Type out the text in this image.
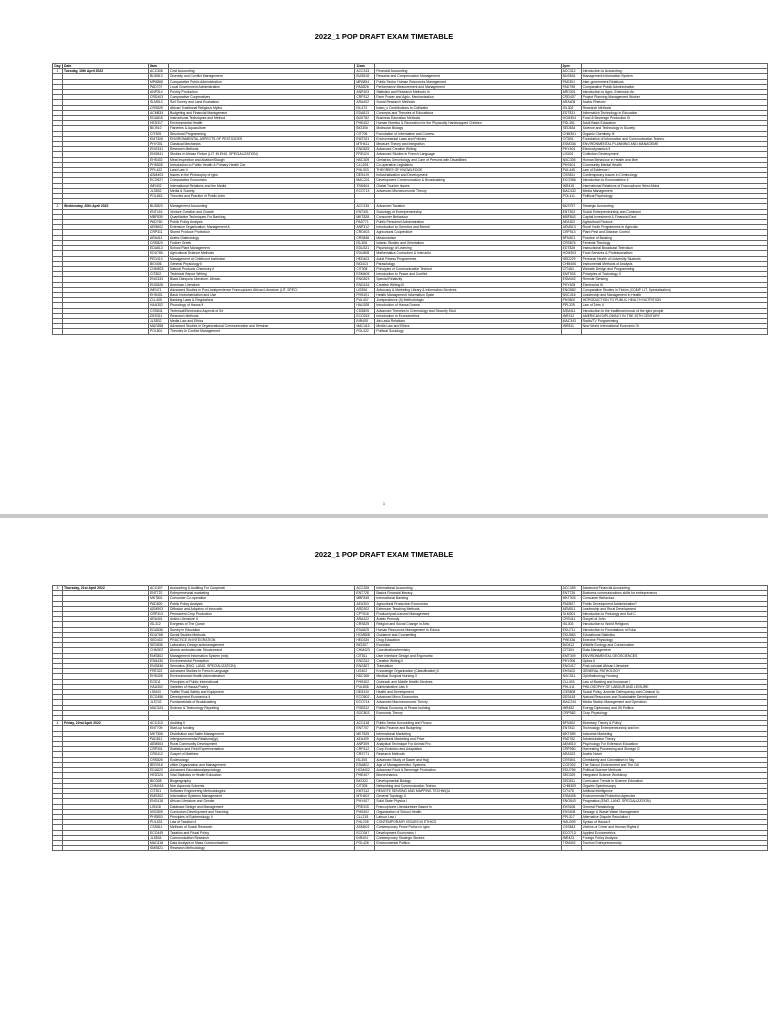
2022_1 POP DRAFT EXAM TIMETABLE
Day	Date	8am		11am		2pm	
1	Tuesday, 19th April 2022	ACC306	Cost Accounting	ACC313	Financial Accounting	ACC312	Introduction to Accounting
		BUS813	Diversity and Conflict Management	BUS818	Rewards and Compensation Management	BUS815	Management Information System
		MPA868	Comparative Public Administration	MPA854	Public Sector Human Resources Management	PAD301	Inter-government Relations
		PAD707	Local Government Administration	PAD826	Performance Measurement and Management	PAD798	Comparative Public Administration
		ANP314	Poultry Production	ANP403	Statistics and Research Methods In	ARD301	Introduction to Agric. Extension An
		CRD403	Comparative Cooperatives	CRP312	Farm Power and Agric. Mechanisation	CRD407	Project Planning Management Worker
		SLM510	Soil Survey and Land Evaluation	ARA402	Social Research Methods	ARA408	Arabic Rhetoric
		CRS825	African Traditional Religious Myths	ISL472	Islam_s Contributions to Civilizatio	ISL302	Research Methods
		ACM834	Budgeting and Financial Management	EDA813	Concepts and Theories of Educationa	EDT831	Information Technology in Education
		EDU815	Instructional Techniques and Method	BUS782	Business Education Methods	HCM304	Food & Beverage Production III
		HED317	Environmental Health	PHE402	Human Kinetics & Recreation for the Physically Handicapped Children	PSL351	Adult Basic Education
		BIO910	Fisheries & Aquaculture	BIO306	Molecular Biology	SED834	Science and Technology in Society
		CIT305	Structural Programming	CIT705	Foundation of Information and Commu	CHM301	Organic Chemistry III
		EMT308	ENVIRONMENTAL ASPECTS OF PESTICIDES	EMT321	Environmental Laws and Policies	CIT801	Foundation of Information and Communication Techno
		PHY301	Classical Mechanics	MTH411	Measure Theory and Integration	ESM336	ENVIRONMENTAL PLANNING AND MANAGEME
		ENG331	Research Methods	ENG825	Advanced Creative Writing	PHY404	Electrodynamics II
		ENG841	Studies in African Fiction (LIT. IN ENG. SPECIALIZATION)	FRE424	Advanced Studies in French Language	LIS401	Collection Development
		EHS402	Meat Inspection and Abattoir/Slaugh	NSC309	Geriatrics Gerontology and Care of Persons with Disabilities	NSC305	Human Behaviour in Health and Illne
		PHS805	Introduction to Public Health & Primary Health Car	CLL205	Co-operative Legislation	PHS401	Community Mental Health
		PPL422	Land Law II	PHL303	THEORIES OF KNOWLEDGE	PUL445	Law of Evidence I
		ASM403	Issues in the Philosophy of Igbo	DES419	Industrialization and Development	CSS811	Contemporary Issues in Criminology
		ECO927	Comparative Economics	MAC241	Development Communication & Broadcasting	ECO356	Introduction to Econometrics II
		INR402	International Relations and the Media	TSM404	Global Tourism Issues	INR415	International Relations of Francophone West Africa
		JLS832	Media & Society	ECO713	Advanced Microeconomic Theory	MAC432	Media Management
		POL843	Theories and Practice of Public Adm			POL411	Political Psychology

2	Wednesday, 20th April 2022	BUS823	Management Accounting	ACC315	Advanced Taxation	BUS757	Strategic Accounting
		ENT416	Venture Creation and Growth	ENT301	Sociology of Entrepreneurship	ENT302	Social Entrepreneurship and Communi
		MBF839	Quantitative Techniques For Banking	MKT828	Consumer Behaviour	MBF843	Capital Investment & Financial Deci
		PAD760	Public Policy Analysis	PAD771	Public Personnel Administration	AEA302	Agricultural Finance
		AEM602	Extension Organization: Management A	ANP312	Introduction to Genetics and Breedi	AEM513	Rural Youth Programmes In Agricultu
		CRP311	Stored Produce Protection	CRD403	Agricultural Cooperative	CRP513	Plant Pest and Disease Control
		ARA411	Arabic Dialectology	CRS836	Missionarism	BFN301	Practice of Banking
		CRS823	Further Greek	ISL308	Islamic Studies and Orientalism	CRS876	Feminist Theology
		EDA813	School Plant Management	EDU321	Psychology of Learning	EDT826	Instructional Broadcast Television
		EDU780	Agricultural Science Methods	EDU808	Mathematics Curriculum & Instructio	HCM303	Food Services & Professionalism
		PED410	Management of Childhood Institution	HED403	Adult Fitness Programmes	HED229	Personal Health of University Students
		BIO406	General Physiology II	BIO413	Parasitology	CHM406	Instrumental Methods of Analysis
		CHM823	Natural Products Chemistry II	CIT308	Principles of Communication Technol	CIT484	Website Design and Programming
		CIT802	Technical Report Writing	ESM405	Introduction to Peace and Conflict	EMT503	Principles of Toxicology II
		ENG333	Black Diaspora Literature: African-	ENG823	Special Relativity	ESM402	Remote Sensing
		ENG826	American Literature	ENG416	Creative Writing III	PHY405	Electronics III
		INR471	Advanced Studies in Post-Independence Francophone African Literature (LIT. SPECI	LIS306	Advocacy & Marketing Library & Information Services	ENG882	Comparative Studies in Fiction (COMP. LIT. Specialization)
		EHS401	Basic Instrumentation and Use	PHS401	Health Management Information Syste	NSC416	Leadership and Management in Health
		CLL405	Banking Laws & Regulations	PUL407	Jurisprudence (II) Methodologic	PHS802	INTRODUCTION TO PUBLIC HEALTH NUTRITION
		HAU302	Phonology of Hausa II	HAU308	Introduction of Hausa Drama	PPL329	Law of Torts II
		CSS841	Technical/Electronics Aspects of Se	CSS805	Advanced Theories in Criminology and Security Stud	ASM411	Introduction to the traditional music of the Igbo people
		DES311	Research Methods	ECO315	Introduction to Econometrics	INR312	AMERICAN DIPLOMACY IN THE 20TH CENTURY
		JLS832	Media Law and Ethics	INR405	Afro-asia Relations	MAC343	Radio/TV Programming
		MAC858	Advanced Studies in Organizational Communication and Seminar	MAC415	Media Law and Ethics	INR811	New World International Economic Or
		POL801	Theories In Conflict Management	POL422	Political Sociology		
1
2022_1 POP DRAFT EXAM TIMETABLE
3	Thursday, 21st April 2022	ACC407	Accounting & Auditing For Cooperati	ACC326	International Accounting	ACC459	Advanced Financial Accounting
		ENT722	Entrepreneurial marketing	ENT728	Basics Financial literacy	ENT726	Business communications skills for entrepreneurs
		MKT801	Consumer Co-operative	MBF845	International Banking	MKT303	Consumer Behaviour
		PAD820	Public Policy Analysis	AEA303	Agricultural Production Economics	PAD807	Public Development Administration?
		AEM503	Diffusion and Adoption of Innovatio	ARD302	Extension Teaching Methods	AEM511	Leadership and Rural Development
		CRP313	Permanent Crop Production	CPT516	Produce/post-harvest Management	SLM301	Introduction to Pedology and Soil C
		ARA401	Arabic Literature II	ARA422	Arabic Prosody	CRS411	Gospel of John
		ISL312	Exegesis of The Quran	CRS825	Religion and Social Change in Afric	ISL303	Introduction to World Religions
		EDU836	Survey in Education	EDA825	Human Resources Management In Educa	EDU711	Introduction to Foundations of Educ
		EDU768	Social Studies Methods	HCM808	Guidance and Counselling	EDU863	Educational Statistics
		SED402	PRACTICE IN INTEGRATION	HED320	Drug Education	PHE436	Exercise Physiology
		SED835	Laboratory Design andmanagement	BIO307	Evolution	BIO412	Wildlife Ecology and Conservation
		CHM307	Atomic andmolecular Structureand	CHM423	Coordinationchemistry	CIT304	Data Management
		EMS802	Management Information System (mis)	CIT811	User Interface Design and Ergonomic	EMT309	ENVIRONMENTAL GEOSCIENCES
		ESM430	Environmental Perception	ENG312	Creative Writing II	PHY306	Optics II
		ENG836	Semiotics (ENG. LANG. SPECIALIZATION)	ENG827	Translation	ENG417	Post-colonial African Literature
		FRE322	Advanced Studies In French Language	LIS402	Knowledge Organization (Classification) II	EHS402	GENERAL PATHOLOGY
		EHS405	Environmental Health Administration	NSC306	Medical Surgical Nursing II	NSC511	Ophthalmology Nursing
		EGS11	Principles of Public International	PHS402	Outreach and Mobile Health Services	CLL403	Law of Banking and Insurance I
		HAU302	Varieties of Hausa Poetry	PUL806	Administrative Law II	PHL411	PHILOSOPHY OF LABOUR AND LEISURE
		LSM43	Traffic/ Road Safety and Equipment	DES410	Health and Development	CSS808	Social Policy Juvenile Delinquency and Criminal Ju
		ECO496	Development Economics II	ECO502	Advanced Micro Economics	DES418	Natural Resources and Sustainable Development
		JLS742	Fundamentals of Broadcasting	ECO714	Advanced Macroeconomic Theory	MAC244	Media Station Management and Operation
		MAC324	Science & Technology Reporting	POB312	Political Economy of Peace-building	INR452	Energy Diplomacy and Oil Politics
				SOC803	Economic Theory	CRP582	Crop Physiology

4	Friday, 22nd April 2022	ACC413	Auditing II	ACC418	Public Sector Accounting and Financ	BFN302	Monetary Theory & Policy
		ENT709	Start-up funding	ENT707	Public Finance and Budgeting	ENT811	Technology Entrepreneurship and Inn
		MKT306	Distribution and Sales Management	MKT825	International Marketing	MKT859	Industrial Marketing
		PAD812	Intergovernmental Relations(igr)	AEA409	Agricultural Marketing and Price	PAD752	Administrative Theory
		AEM504	Rural Community Development	ANP309	Analytical Technique For Animal Pro	AEM510	Psychology For Extension Education
		CRP301	Statistics and Field Experimentation	CRP412	Crop Evolution and Adaptation	CRP550	Harvesting Processing and Storage O
		CRS412	Gospel of Matthew	CRS771	Research Methods	ARA323	Arabic Novel
		CRS826	Ecclesiology	ISL305	Advanced Study of Sawm and Hajj	CRS801	Christianity and Colonialism in Nig
		BED916	office Organization and Management	EDA802	Age of Managementfor. Systems	CCE302	The School Environment and The Citi
		EDU822	Advanced Educationalpsychology	HCM402	Advanced Food & Beverage Production	EDU766	Political Science Methods
		HED324	Vital Statistics in Health Education	PHE407	Biomechanics	SED329	Integrated Science Workshop
		BIO308	Biogeography	BIO322	Developmental Biology	SED811	Curriculum Trends in Science Education
		CHM418	Non Aqueous Solvents	CIT305	Networking and Communication Techno	CHM309	Organic Spectroscopy
		CIT301	Software Engineering Methodologies	EMT312	REMOTE SENSING AND MAPPING TECHNIQU	CIT478	Artificial Intelligence
		EMS302	Information Systems Management	MTH402	General Topology II	ESM405	Environmental Protection Agencies
		ENG418	African Literature and Gender	PHY407	Solid State Physics I	ENG843	Pragmatics (ENG. LANG. SPECIALIZATION)
		LIS418	Database Design and Management	FRE415	Francophone Literatureture Based In	EHS406	General Parasitology
		NSC805	Curriculum Development and Teaching	PHS402	Organization of School Health	EHS408	Sewage & Waste Water Management
		PHS803	Principles of Epidemiology II	CLL215	Labour Law I	PPL517	Alternative Dispute Resolution I
		PUL433	Law of Taxation II	PHL235	CONTEMPORARY ISSUES IN ETHICS	HAU309	Syntax of Hausa II
		CSS811	Methods of Social Research	ASM402	Contemporary Prose Fiction in Igbo	CSS843	Victims of Crime and Human Rights II
		ECO449	Taxation and Fiscal Policy	ECO347	Development Economics I	ECO713	Applied Econometrics
		JLS834	Communication Research	INR404	Contemporary Strategic Studies	INR423	Foreign Policy Analysis
		MAC418	Data Analysis in Mass Communication	POL426	Environmental Politics	TSM402	Tourism Entrepreneurship
		SMS821	Research Methodology				
